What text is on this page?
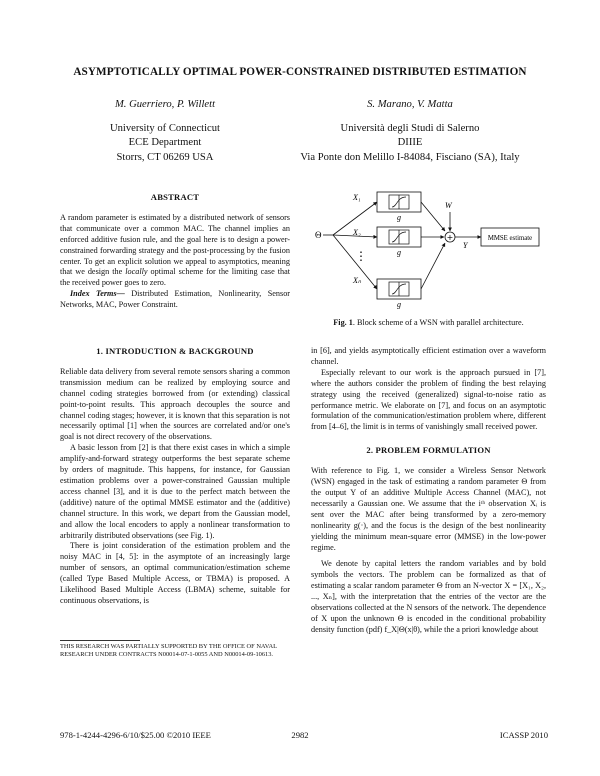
ASYMPTOTICALLY OPTIMAL POWER-CONSTRAINED DISTRIBUTED ESTIMATION
M. Guerriero, P. Willett
University of Connecticut
ECE Department
Storrs, CT 06269 USA
S. Marano, V. Matta
Università degli Studi di Salerno
DIIIE
Via Ponte don Melillo I-84084, Fisciano (SA), Italy
ABSTRACT

A random parameter is estimated by a distributed network of sensors that communicate over a common MAC. The channel implies an enforced additive fusion rule, and the goal here is to design a power-constrained forwarding strategy and the post-processing by the fusion center. To get an explicit solution we appeal to asymptotics, meaning that we design the locally optimal scheme for the limiting case that the received power goes to zero.

Index Terms— Distributed Estimation, Nonlinearity, Sensor Networks, MAC, Power Constraint.

Θ
X₁
X₂
Xₙ
⋮
g
g
g
+
W
Y
MMSE estimate
Fig. 1. Block scheme of a WSN with parallel architecture.
1. INTRODUCTION & BACKGROUND

Reliable data delivery from several remote sensors sharing a common transmission medium can be realized by employing source and channel coding strategies borrowed from (or extending) classical point-to-point results. This approach decouples the source and channel coding stages; however, it is known that this separation is not necessarily optimal [1] when the sources are correlated and/or one's goal is not direct recovery of the observations.

A basic lesson from [2] is that there exist cases in which a simple amplify-and-forward strategy outperforms the best separate scheme by orders of magnitude. This happens, for instance, for Gaussian estimation problems over a power-constrained Gaussian multiple access channel [3], and it is due to the perfect match between the (additive) nature of the optimal MMSE estimator and the (additive) channel structure. In this work, we depart from the Gaussian model, and allow the local encoders to apply a nonlinear transformation to arbitrarily distributed observations (see Fig. 1).

There is joint consideration of the estimation problem and the noisy MAC in [4, 5]: in the asymptote of an increasingly large number of sensors, an optimal communication/estimation scheme (called Type Based Multiple Access, or TBMA) is proposed. A Likelihood Based Multiple Access (LBMA) scheme, suitable for continuous observations, is

in [6], and yields asymptotically efficient estimation over a waveform channel.

Especially relevant to our work is the approach pursued in [7], where the authors consider the problem of finding the best relaying strategy using the received (generalized) signal-to-noise ratio as performance metric. We elaborate on [7], and focus on an asymptotic formulation of the communication/estimation problem where, different from [4–6], the limit is in terms of vanishingly small received power.

2. PROBLEM FORMULATION

With reference to Fig. 1, we consider a Wireless Sensor Network (WSN) engaged in the task of estimating a random parameter Θ from the output Y of an additive Multiple Access Channel (MAC), not necessarily a Gaussian one. We assume that the iᵗʰ observation Xᵢ is sent over the MAC after being transformed by a zero-memory nonlinearity g(·), and the focus is the design of the best nonlinearity yielding the minimum mean-square error (MMSE) in the low-power regime.

We denote by capital letters the random variables and by bold symbols the vectors. The problem can be formalized as that of estimating a scalar random parameter Θ from an N-vector X = [X₁, X₂, ..., Xₙ], with the interpretation that the entries of the vector are the observations collected at the N sensors of the network. The dependence of X upon the unknown Θ is encoded in the conditional probability density function (pdf) f_X|Θ(x|θ), while the a priori knowledge about

THIS RESEARCH WAS PARTIALLY SUPPORTED BY THE OFFICE OF NAVAL RESEARCH UNDER CONTRACTS N00014-07-1-0055 AND N00014-09-10613.
978-1-4244-4296-6/10/$25.00 ©2010 IEEE	2982	ICASSP 2010
